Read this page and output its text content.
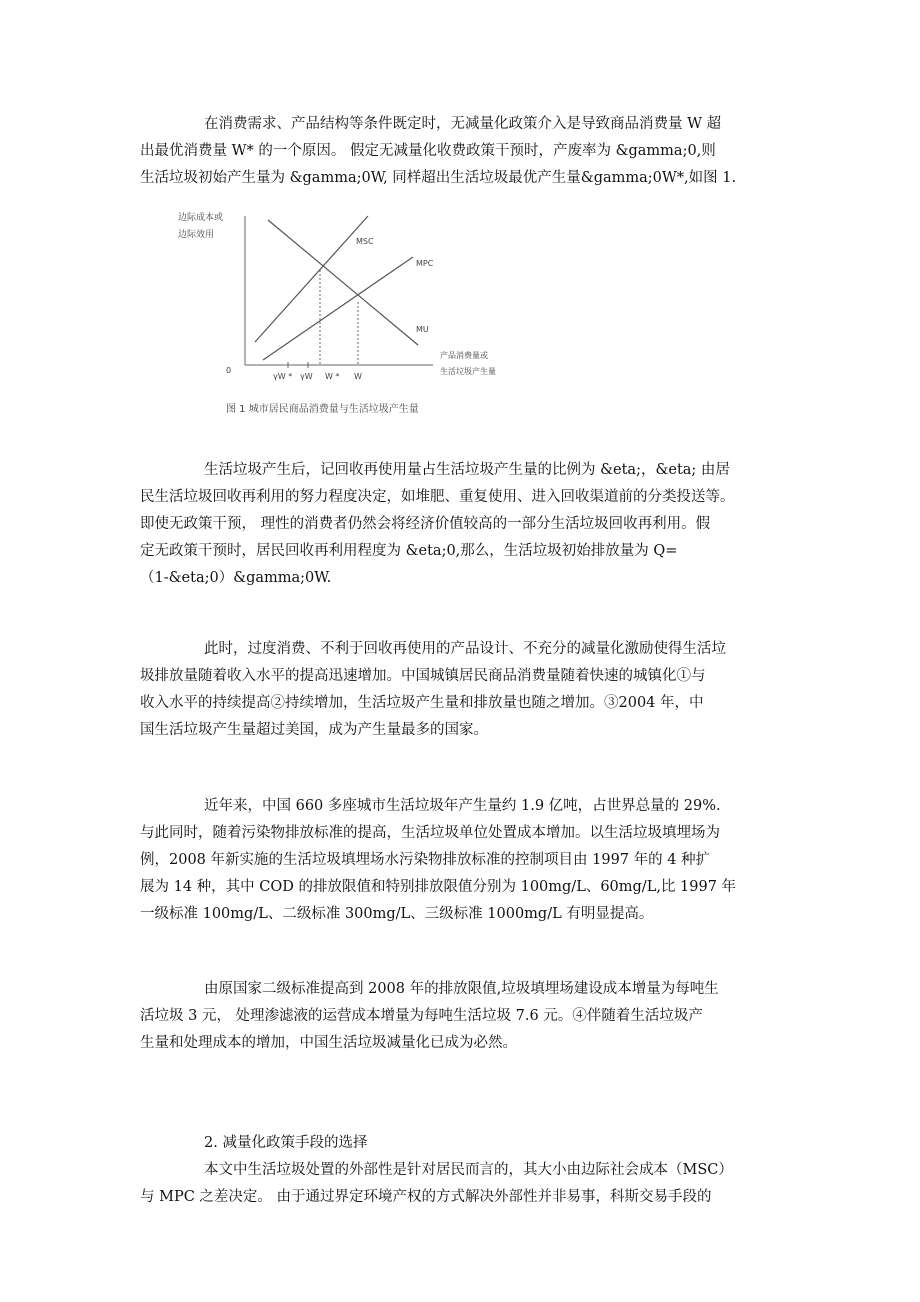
在消费需求、产品结构等条件既定时，无减量化政策介入是导致商品消费量 W 超
出最优消费量 W* 的一个原因。 假定无减量化收费政策干预时，产废率为 &gamma;0,则
生活垃圾初始产生量为 &gamma;0W, 同样超出生活垃圾最优产生量&gamma;0W*,如图 1.

边际成本或
边际效用
0
MSC
MPC
MU
γW * γW W * W
产品消费量或
生活垃圾产生量
图 1 城市居民商品消费量与生活垃圾产生量

生活垃圾产生后，记回收再使用量占生活垃圾产生量的比例为 &eta;，&eta; 由居
民生活垃圾回收再利用的努力程度决定，如堆肥、重复使用、进入回收渠道前的分类投送等。
即使无政策干预， 理性的消费者仍然会将经济价值较高的一部分生活垃圾回收再利用。假
定无政策干预时，居民回收再利用程度为 &eta;0,那么，生活垃圾初始排放量为 Q=
（1-&eta;0）&gamma;0W.

此时，过度消费、不利于回收再使用的产品设计、不充分的减量化激励使得生活垃
圾排放量随着收入水平的提高迅速增加。中国城镇居民商品消费量随着快速的城镇化①与
收入水平的持续提高②持续增加，生活垃圾产生量和排放量也随之增加。③2004 年，中
国生活垃圾产生量超过美国，成为产生量最多的国家。

近年来，中国 660 多座城市生活垃圾年产生量约 1.9 亿吨，占世界总量的 29%.
与此同时，随着污染物排放标准的提高，生活垃圾单位处置成本增加。以生活垃圾填埋场为
例，2008 年新实施的生活垃圾填埋场水污染物排放标准的控制项目由 1997 年的 4 种扩
展为 14 种，其中 COD 的排放限值和特别排放限值分别为 100mg/L、60mg/L,比 1997 年
一级标准 100mg/L、二级标准 300mg/L、三级标准 1000mg/L 有明显提高。

由原国家二级标准提高到 2008 年的排放限值,垃圾填埋场建设成本增量为每吨生
活垃圾 3 元， 处理渗滤液的运营成本增量为每吨生活垃圾 7.6 元。④伴随着生活垃圾产
生量和处理成本的增加，中国生活垃圾减量化已成为必然。

2. 减量化政策手段的选择

本文中生活垃圾处置的外部性是针对居民而言的，其大小由边际社会成本（MSC）
与 MPC 之差决定。 由于通过界定环境产权的方式解决外部性并非易事，科斯交易手段的
